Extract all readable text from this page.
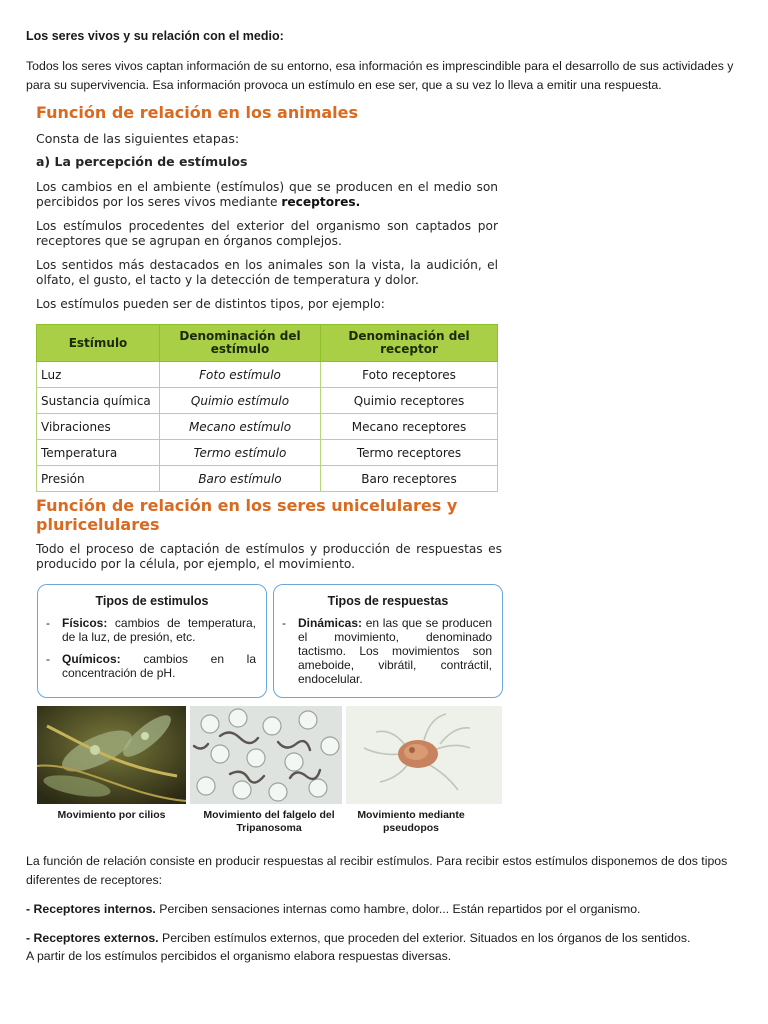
Los seres vivos y su relación con el medio:
Todos los seres vivos captan información de su entorno, esa información es imprescindible para el desarrollo de sus actividades y para su supervivencia. Esa información provoca un estímulo en ese ser, que a su vez lo lleva a emitir una respuesta.
Función de relación en los animales
Consta de las siguientes etapas:
a) La percepción de estímulos
Los cambios en el ambiente (estímulos) que se producen en el medio son percibidos por los seres vivos mediante receptores.
Los estímulos procedentes del exterior del organismo son captados por receptores que se agrupan en órganos complejos.
Los sentidos más destacados en los animales son la vista, la audición, el olfato, el gusto, el tacto y la detección de temperatura y dolor.
Los estímulos pueden ser de distintos tipos, por ejemplo:
Estímulo	Denominación del estímulo	Denominación del receptor
Luz	Foto estímulo	Foto receptores
Sustancia química	Quimio estímulo	Quimio receptores
Vibraciones	Mecano estímulo	Mecano receptores
Temperatura	Termo estímulo	Termo receptores
Presión	Baro estímulo	Baro receptores
Función de relación en los seres unicelulares y
pluricelulares
Todo el proceso de captación de estímulos y producción de respuestas es producido por la célula, por ejemplo, el movimiento.
Tipos de estimulos
-	Físicos: cambios de temperatura, de la luz, de presión, etc.
-	Químicos: cambios en la concentración de pH.
Tipos de respuestas
-	Dinámicas: en las que se producen el movimiento, denominado tactismo. Los movimientos son ameboide, vibrátil, contráctil, endocelular.
Movimiento por cilios	Movimiento del falgelo del Tripanosoma
Movimiento mediante pseudopos
La función de relación consiste en producir respuestas al recibir estímulos. Para recibir estos estímulos disponemos de dos tipos diferentes de receptores:
- Receptores internos. Perciben sensaciones internas como hambre, dolor... Están repartidos por el organismo.
- Receptores externos. Perciben estímulos externos, que proceden del exterior. Situados en los órganos de los sentidos.
A partir de los estímulos percibidos el organismo elabora respuestas diversas.
